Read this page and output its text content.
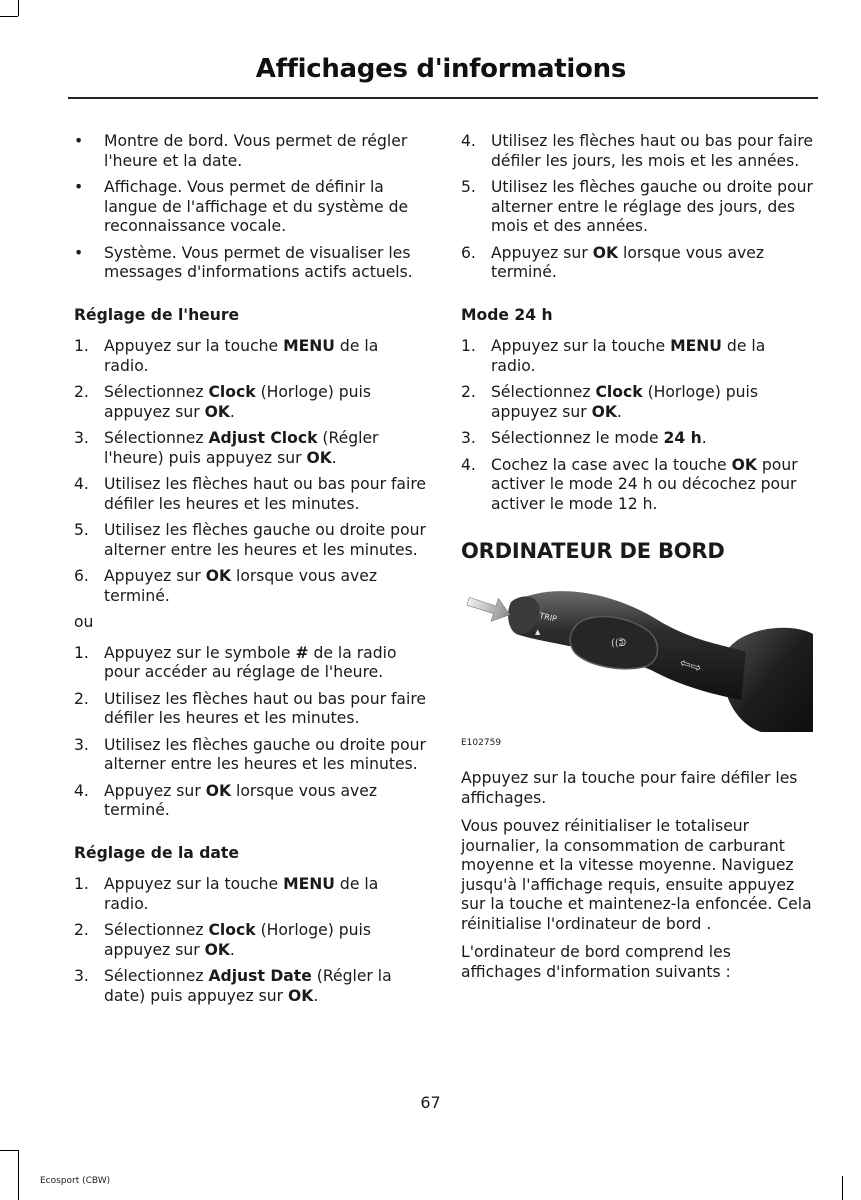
Affichages d'informations
• Montre de bord. Vous permet de régler l'heure et la date.
• Affichage. Vous permet de définir la langue de l'affichage et du système de reconnaissance vocale.
• Système. Vous permet de visualiser les messages d'informations actifs actuels.
Réglage de l'heure
1. Appuyez sur la touche MENU de la radio.
2. Sélectionnez Clock (Horloge) puis appuyez sur OK.
3. Sélectionnez Adjust Clock (Régler l'heure) puis appuyez sur OK.
4. Utilisez les flèches haut ou bas pour faire défiler les heures et les minutes.
5. Utilisez les flèches gauche ou droite pour alterner entre les heures et les minutes.
6. Appuyez sur OK lorsque vous avez terminé.
ou
1. Appuyez sur le symbole # de la radio pour accéder au réglage de l'heure.
2. Utilisez les flèches haut ou bas pour faire défiler les heures et les minutes.
3. Utilisez les flèches gauche ou droite pour alterner entre les heures et les minutes.
4. Appuyez sur OK lorsque vous avez terminé.
Réglage de la date
1. Appuyez sur la touche MENU de la radio.
2. Sélectionnez Clock (Horloge) puis appuyez sur OK.
3. Sélectionnez Adjust Date (Régler la date) puis appuyez sur OK.
4. Utilisez les flèches haut ou bas pour faire défiler les jours, les mois et les années.
5. Utilisez les flèches gauche ou droite pour alterner entre le réglage des jours, des mois et des années.
6. Appuyez sur OK lorsque vous avez terminé.
Mode 24 h
1. Appuyez sur la touche MENU de la radio.
2. Sélectionnez Clock (Horloge) puis appuyez sur OK.
3. Sélectionnez le mode 24 h.
4. Cochez la case avec la touche OK pour activer le mode 24 h ou décochez pour activer le mode 12 h.
ORDINATEUR DE BORD
((ᕲ
TRIP
▲
⇦⇨
E102759

Appuyez sur la touche pour faire défiler les affichages.

Vous pouvez réinitialiser le totaliseur journalier, la consommation de carburant moyenne et la vitesse moyenne. Naviguez jusqu'à l'affichage requis, ensuite appuyez sur la touche et maintenez-la enfoncée. Cela réinitialise l'ordinateur de bord .

L'ordinateur de bord comprend les affichages d'information suivants :

67
Ecosport (CBW)
